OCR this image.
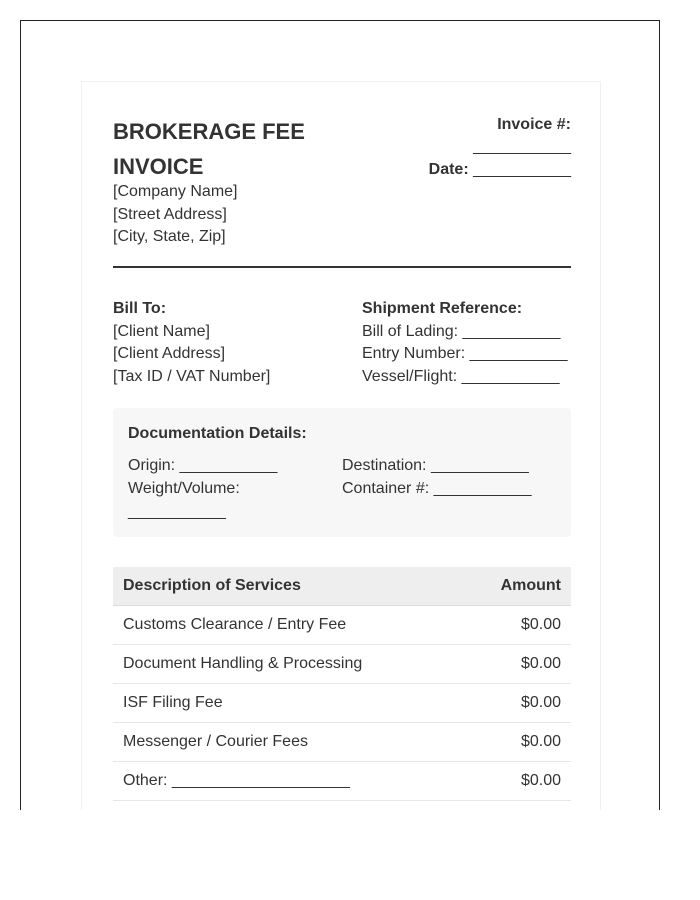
BROKERAGE FEE
INVOICE
[Company Name]
[Street Address]
[City, State, Zip]
Invoice #:
___________
Date: ___________
Bill To:
[Client Name]
[Client Address]
[Tax ID / VAT Number]
Shipment Reference:
Bill of Lading: ___________
Entry Number: ___________
Vessel/Flight: ___________
Documentation Details:
Origin: ___________
Weight/Volume:
___________
Destination: ___________
Container #: ___________
Description of Services	Amount
Customs Clearance / Entry Fee	$0.00
Document Handling & Processing	$0.00
ISF Filing Fee	$0.00
Messenger / Courier Fees	$0.00
Other: ____________________	$0.00
